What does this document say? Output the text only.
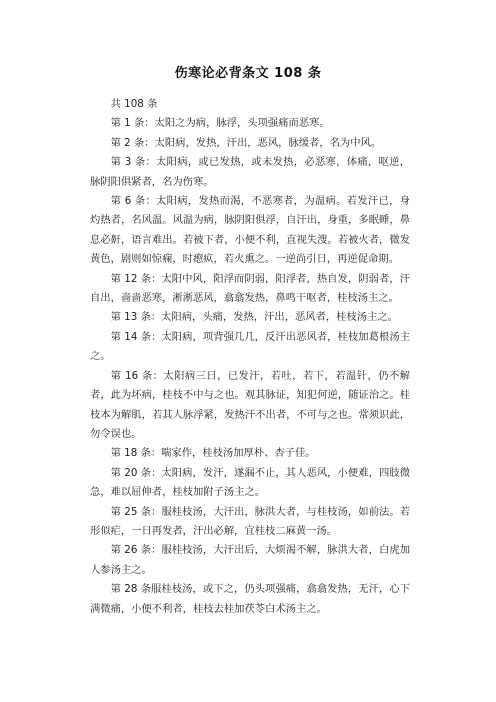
伤寒论必背条文 108 条

共 108 条

第 1 条：太阳之为病，脉浮，头项强痛而恶寒。

第 2 条：太阳病，发热，汗出，恶风，脉缓者，名为中风。

第 3 条：太阳病，或已发热，或未发热，必恶寒，体痛，呕逆，脉阴阳俱紧者，名为伤寒。

第 6 条：太阳病，发热而渴，不恶寒者，为温病。若发汗已，身灼热者，名风温。风温为病，脉阴阳俱浮，自汗出，身重，多眠睡，鼻息必鼾，语言难出。若被下者，小便不利，直视失溲。若被火者，微发黄色，剧则如惊痫，时瘛疭，若火熏之。一逆尚引日，再逆促命期。

第 12 条：太阳中风，阳浮而阴弱，阳浮者，热自发，阴弱者，汗自出，啬啬恶寒，淅淅恶风，翕翕发热，鼻鸣干呕者，桂枝汤主之。

第 13 条：太阳病，头痛，发热，汗出，恶风者，桂枝汤主之。

第 14 条：太阳病，项背强几几，反汗出恶风者，桂枝加葛根汤主之。

第 16 条：太阳病三日，已发汗，若吐，若下，若温针，仍不解者，此为坏病，桂枝不中与之也。观其脉证，知犯何逆，随证治之。桂枝本为解肌，若其人脉浮紧，发热汗不出者，不可与之也。常须识此，勿令误也。

第 18 条：喘家作，桂枝汤加厚朴、杏子佳。

第 20 条：太阳病，发汗，遂漏不止，其人恶风，小便难，四肢微急，难以屈伸者，桂枝加附子汤主之。

第 25 条：服桂枝汤，大汗出，脉洪大者，与桂枝汤，如前法。若形似疟，一日再发者，汗出必解，宜桂枝二麻黄一汤。

第 26 条：服桂枝汤，大汗出后，大烦渴不解，脉洪大者，白虎加人参汤主之。

第 28 条服桂枝汤，或下之，仍头项强痛，翕翕发热，无汗，心下满微痛，小便不利者，桂枝去桂加茯苓白术汤主之。
